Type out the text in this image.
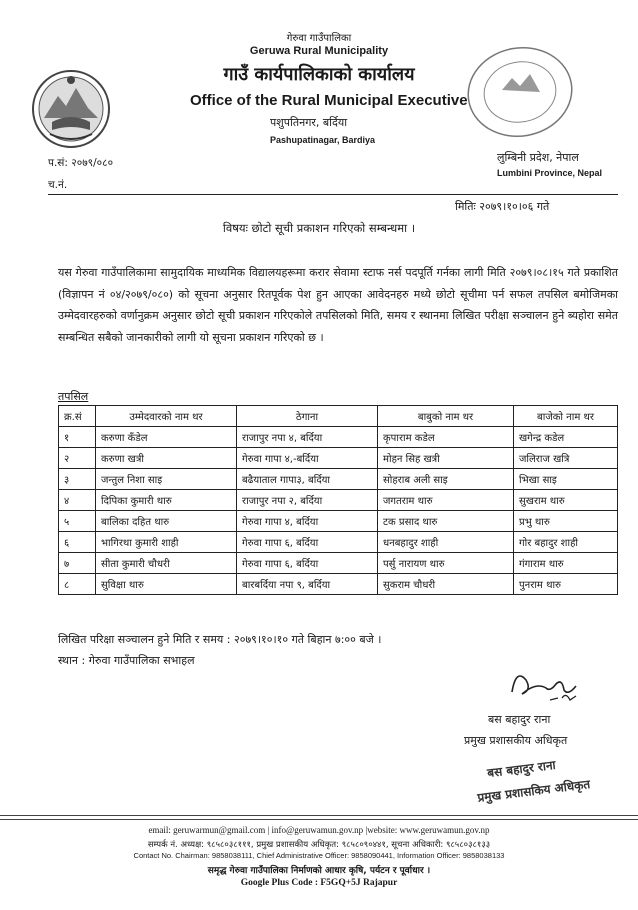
गेरुवा गाउँपालिका
Geruwa Rural Municipality
गाउँ कार्यपालिकाको कार्यालय
Office of the Rural Municipal Executive
पशुपतिनगर, बर्दिया
Pashupatinagar, Bardiya
प.सं: २०७९/०८०
च.नं.
लुम्बिनी प्रदेश, नेपाल
Lumbini Province, Nepal
मितिः २०७९।१०।०६ गते
विषयः छोटो सूची प्रकाशन गरिएको सम्बन्धमा ।
यस गेरुवा गाउँपालिकामा सामुदायिक माध्यमिक विद्यालयहरूमा करार सेवामा स्टाफ नर्स पदपूर्ति गर्नका लागी मिति २०७९।०८।१५ गते प्रकाशित (विज्ञापन नं ०४/२०७९/०८०) को सूचना अनुसार रितपूर्वक पेश हुन आएका आवेदनहरु मध्ये छोटो सूचीमा पर्न सफल तपसिल बमोजिमका उम्मेदवारहरुको वर्णानुक्रम अनुसार छोटो सूची प्रकाशन गरिएकोले तपसिलको मिति, समय र स्थानमा लिखित परीक्षा सञ्चालन हुने ब्यहोरा समेत सम्बन्धित सबैको जानकारीको लागी यो सूचना प्रकाशन गरिएको छ ।
तपसिल
क्र.सं	उम्मेदवारको नाम थर	ठेगाना	बाबुको नाम थर	बाजेको नाम थर
१	करुणा कँडेल	राजापुर नपा ४, बर्दिया	कृपाराम कडेल	खगेन्द्र कडेल
२	करुणा खत्री	गेरुवा गापा ४,-बर्दिया	मोहन सिह खत्री	जलिराज खत्रि
३	जन्तुल निशा साइ	बढैयाताल गापा३, बर्दिया	सोहराब अली साइ	भिखा साइ
४	दिपिका कुमारी थारु	राजापुर नपा २, बर्दिया	जगतराम थारु	सुखराम थारु
५	बालिका दहित थारु	गेरुवा गापा ४, बर्दिया	टक प्रसाद थारु	प्रभु थारु
६	भागिरथा कुमारी शाही	गेरुवा गापा ६, बर्दिया	धनबहादुर शाही	गोर बहादुर शाही
७	सीता कुमारी चौधरी	गेरुवा गापा ६, बर्दिया	पर्सु नारायण थारु	गंगाराम थारु
८	सुविक्षा थारु	बारबर्दिया नपा ९, बर्दिया	सुकराम चौधरी	पुनराम थारु
लिखित परिक्षा सञ्चालन हुने मिति र समय : २०७९।१०।१० गते बिहान ७:०० बजे ।
स्थान : गेरुवा गाउँपालिका सभाहल
बस बहादुर राना
प्रमुख प्रशासकीय अधिकृत
बस बहादुर राना
प्रमुख प्रशासकिय अधिकृत
email: geruwarmun@gmail.com | info@geruwamun.gov.np |website: www.geruwamun.gov.np
सम्पर्क नं. अध्यक्ष: ९८५८०३८१११, प्रमुख प्रशासकीय अधिकृत: ९८५८०९०४४१, सूचना अधिकारी: ९८५८०३८१३३
Contact No. Chairman: 9858038111, Chief Administrative Officer: 9858090441, Information Officer: 9858038133
समृद्ध गेरुवा गाउँपालिका निर्माणको आधार कृषि, पर्यटन र पूर्वाधार ।
Google Plus Code : F5GQ+5J Rajapur
